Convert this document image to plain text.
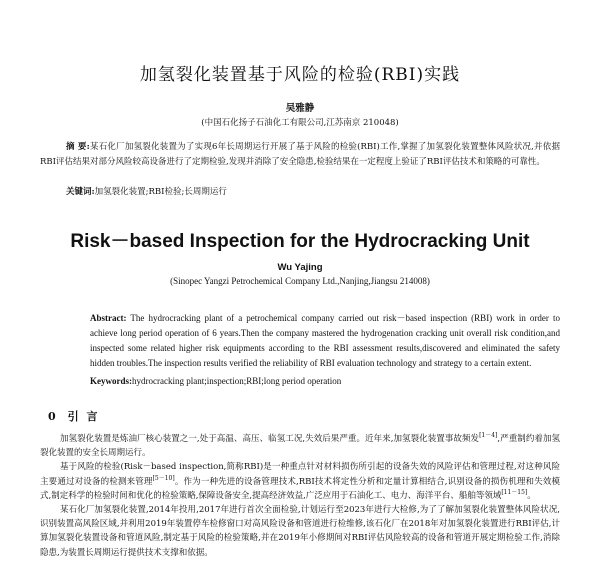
加氢裂化装置基于风险的检验(RBI)实践
吴雅静
(中国石化扬子石油化工有限公司,江苏南京 210048)
摘 要:某石化厂加氢裂化装置为了实现6年长周期运行开展了基于风险的检验(RBI)工作,掌握了加氢裂化装置整体风险状况,并依据RBI评估结果对部分风险较高设备进行了定期检验,发现并消除了安全隐患,检验结果在一定程度上验证了RBI评估技术和策略的可靠性。
关键词:加氢裂化装置;RBI检验;长周期运行
Risk－based Inspection for the Hydrocracking Unit
Wu Yajing
(Sinopec Yangzi Petrochemical Company Ltd.,Nanjing,Jiangsu 214008)
Abstract: The hydrocracking plant of a petrochemical company carried out risk－based inspection (RBI) work in order to achieve long period operation of 6 years.Then the company mastered the hydrogenation cracking unit overall risk condition,and inspected some related higher risk equipments according to the RBI assessment results,discovered and eliminated the safety hidden troubles.The inspection results verified the reliability of RBI evaluation technology and strategy to a certain extent.
Keywords:hydrocracking plant;inspection;RBI;long period operation
0 引 言

加氢裂化装置是炼油厂核心装置之一,处于高温、高压、临氢工况,失效后果严重。近年来,加氢裂化装置事故频发[1－4],严重制约着加氢裂化装置的安全长周期运行。

基于风险的检验(Risk－based inspection,简称RBI)是一种重点针对材料损伤所引起的设备失效的风险评估和管理过程,对这种风险主要通过对设备的检测来管理[5－10]。作为一种先进的设备管理技术,RBI技术将定性分析和定量计算相结合,识别设备的损伤机理和失效模式,制定科学的检验时间和优化的检验策略,保障设备安全,提高经济效益,广泛应用于石油化工、电力、海洋平台、船舶等领域[11－15]。

某石化厂加氢裂化装置,2014年投用,2017年进行首次全面检验,计划运行至2023年进行大检修,为了了解加氢裂化装置整体风险状况,识别装置高风险区域,并利用2019年装置停车检修窗口对高风险设备和管道进行检维修,该石化厂在2018年对加氢裂化装置进行RBI评估,计算加氢裂化装置设备和管道风险,制定基于风险的检验策略,并在2019年小修期间对RBI评估风险较高的设备和管道开展定期检验工作,消除隐患,为装置长周期运行提供技术支撑和依据。
